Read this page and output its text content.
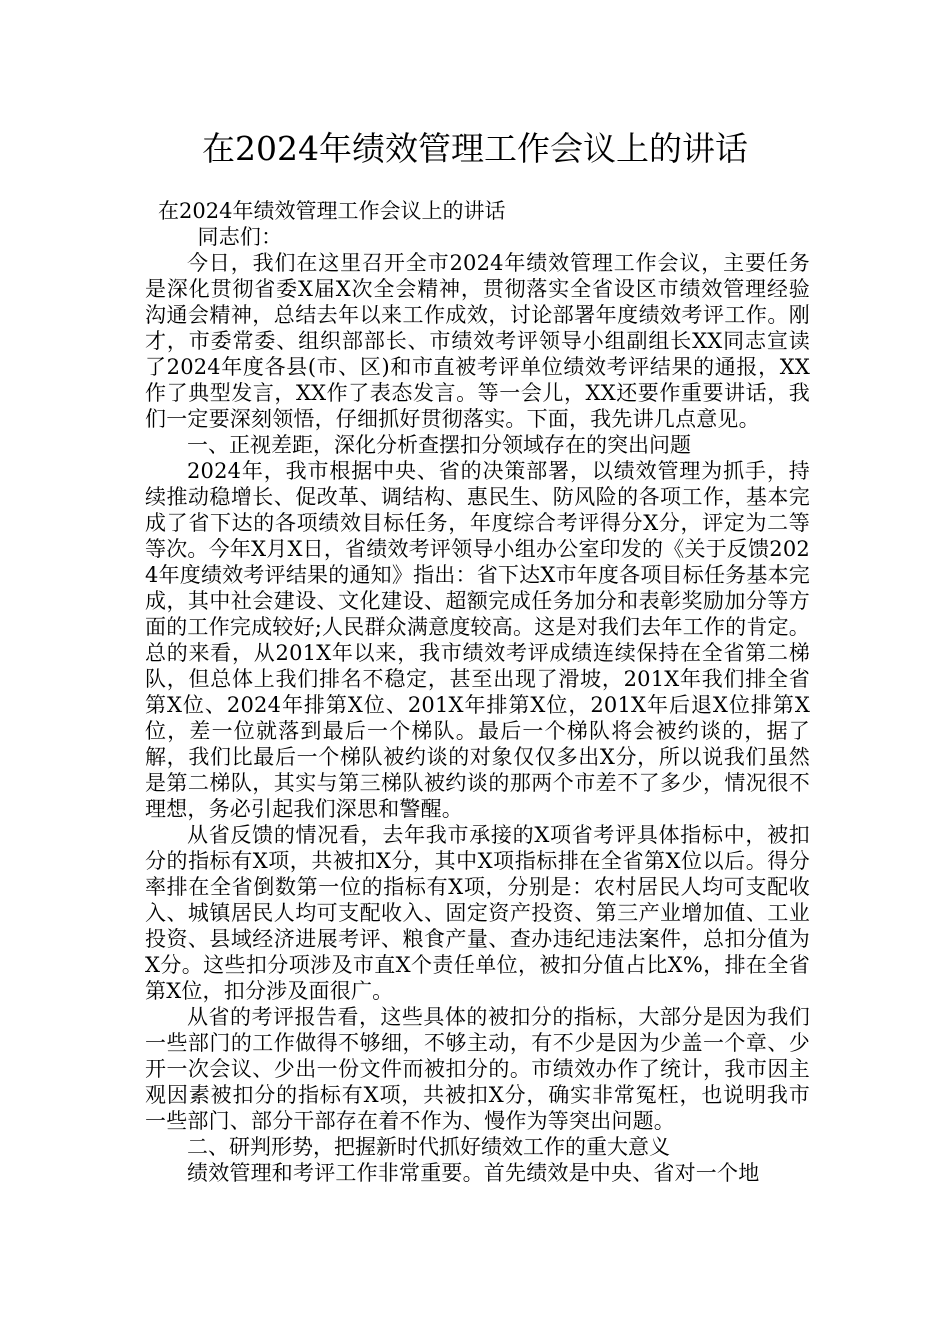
在2024年绩效管理工作会议上的讲话

在2024年绩效管理工作会议上的讲话

同志们：

今日，我们在这里召开全市2024年绩效管理工作会议，主要任务是深化贯彻省委X届X次全会精神，贯彻落实全省设区市绩效管理经验沟通会精神，总结去年以来工作成效，讨论部署年度绩效考评工作。刚才，市委常委、组织部部长、市绩效考评领导小组副组长XX同志宣读了2024年度各县(市、区)和市直被考评单位绩效考评结果的通报，XX作了典型发言，XX作了表态发言。等一会儿，XX还要作重要讲话，我们一定要深刻领悟，仔细抓好贯彻落实。下面，我先讲几点意见。

一、正视差距，深化分析查摆扣分领域存在的突出问题

2024年，我市根据中央、省的决策部署，以绩效管理为抓手，持续推动稳增长、促改革、调结构、惠民生、防风险的各项工作，基本完成了省下达的各项绩效目标任务，年度综合考评得分X分，评定为二等等次。今年X月X日，省绩效考评领导小组办公室印发的《关于反馈2024年度绩效考评结果的通知》指出：省下达X市年度各项目标任务基本完成，其中社会建设、文化建设、超额完成任务加分和表彰奖励加分等方面的工作完成较好;人民群众满意度较高。这是对我们去年工作的肯定。总的来看，从201X年以来，我市绩效考评成绩连续保持在全省第二梯队，但总体上我们排名不稳定，甚至出现了滑坡，201X年我们排全省第X位、2024年排第X位、201X年排第X位，201X年后退X位排第X位，差一位就落到最后一个梯队。最后一个梯队将会被约谈的，据了解，我们比最后一个梯队被约谈的对象仅仅多出X分，所以说我们虽然是第二梯队，其实与第三梯队被约谈的那两个市差不了多少，情况很不理想，务必引起我们深思和警醒。

从省反馈的情况看，去年我市承接的X项省考评具体指标中，被扣分的指标有X项，共被扣X分，其中X项指标排在全省第X位以后。得分率排在全省倒数第一位的指标有X项，分别是：农村居民人均可支配收入、城镇居民人均可支配收入、固定资产投资、第三产业增加值、工业投资、县域经济进展考评、粮食产量、查办违纪违法案件，总扣分值为X分。这些扣分项涉及市直X个责任单位，被扣分值占比X%，排在全省第X位，扣分涉及面很广。

从省的考评报告看，这些具体的被扣分的指标，大部分是因为我们一些部门的工作做得不够细，不够主动，有不少是因为少盖一个章、少开一次会议、少出一份文件而被扣分的。市绩效办作了统计，我市因主观因素被扣分的指标有X项，共被扣X分，确实非常冤枉，也说明我市一些部门、部分干部存在着不作为、慢作为等突出问题。

二、研判形势，把握新时代抓好绩效工作的重大意义

绩效管理和考评工作非常重要。首先绩效是中央、省对一个地
